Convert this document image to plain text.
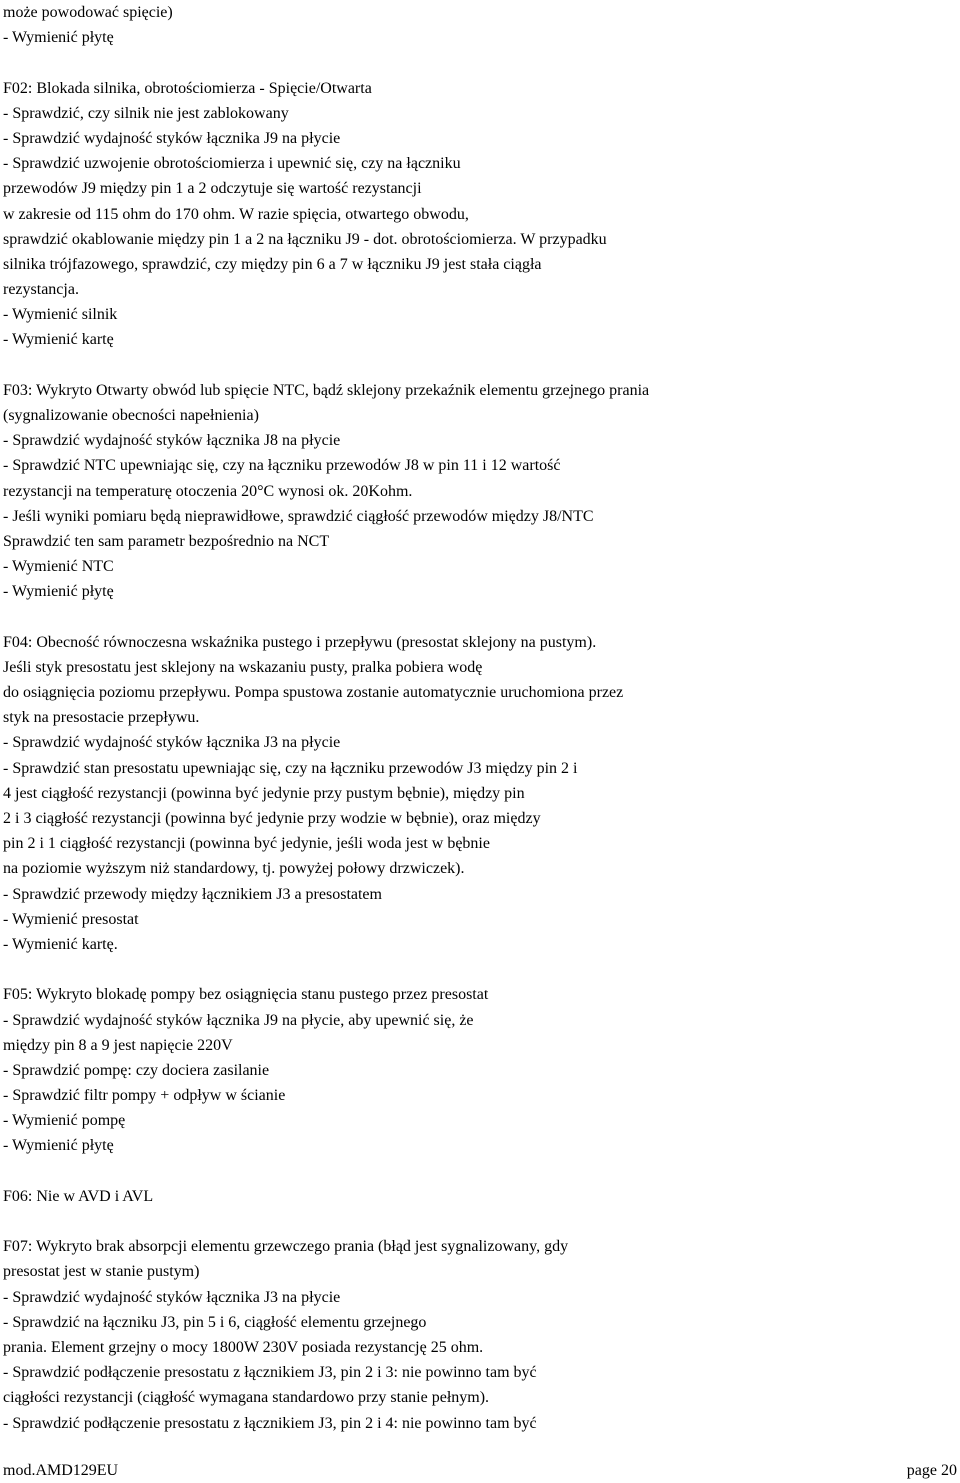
może powodować spięcie)
- Wymienić płytę
F02: Blokada silnika, obrotościomierza - Spięcie/Otwarta
- Sprawdzić, czy silnik nie jest zablokowany
- Sprawdzić wydajność styków łącznika J9 na płycie
- Sprawdzić uzwojenie obrotościomierza i upewnić się, czy na łączniku
przewodów J9 między pin 1 a 2 odczytuje się wartość rezystancji
w zakresie od 115 ohm do 170 ohm. W razie spięcia, otwartego obwodu,
sprawdzić okablowanie między pin 1 a 2 na łączniku J9 - dot. obrotościomierza. W przypadku
silnika trójfazowego, sprawdzić, czy między pin 6 a 7 w łączniku J9 jest stała ciągła
rezystancja.
- Wymienić silnik
- Wymienić kartę
F03: Wykryto Otwarty obwód lub spięcie NTC, bądź sklejony przekaźnik elementu grzejnego prania
(sygnalizowanie obecności napełnienia)
- Sprawdzić wydajność styków łącznika J8 na płycie
- Sprawdzić NTC upewniając się, czy na łączniku przewodów J8 w pin 11 i 12 wartość
rezystancji na temperaturę otoczenia 20°C wynosi ok. 20Kohm.
- Jeśli wyniki pomiaru będą nieprawidłowe, sprawdzić ciągłość przewodów między J8/NTC
Sprawdzić ten sam parametr bezpośrednio na NCT
- Wymienić NTC
- Wymienić płytę
F04: Obecność równoczesna wskaźnika pustego i przepływu (presostat sklejony na pustym).
Jeśli styk presostatu jest sklejony na wskazaniu pusty, pralka pobiera wodę
do osiągnięcia poziomu przepływu. Pompa spustowa zostanie automatycznie uruchomiona przez
styk na presostacie przepływu.
- Sprawdzić wydajność styków łącznika J3 na płycie
- Sprawdzić stan presostatu upewniając się, czy na łączniku przewodów J3 między pin 2 i
4 jest ciągłość rezystancji (powinna być jedynie przy pustym bębnie), między pin
2 i 3 ciągłość rezystancji (powinna być jedynie przy wodzie w bębnie), oraz między
pin 2 i 1 ciągłość rezystancji (powinna być jedynie, jeśli woda jest w bębnie
na poziomie wyższym niż standardowy, tj. powyżej połowy drzwiczek).
- Sprawdzić przewody między łącznikiem J3 a presostatem
- Wymienić presostat
- Wymienić kartę.
F05: Wykryto blokadę pompy bez osiągnięcia stanu pustego przez presostat
- Sprawdzić wydajność styków łącznika J9 na płycie, aby upewnić się, że
między pin 8 a 9 jest napięcie 220V
- Sprawdzić pompę: czy dociera zasilanie
- Sprawdzić filtr pompy + odpływ w ścianie
- Wymienić pompę
- Wymienić płytę
F06: Nie w AVD i AVL
F07: Wykryto brak absorpcji elementu grzewczego prania (błąd jest sygnalizowany, gdy
presostat jest w stanie pustym)
- Sprawdzić wydajność styków łącznika J3 na płycie
- Sprawdzić na łączniku J3, pin 5 i 6, ciągłość elementu grzejnego
prania. Element grzejny o mocy 1800W 230V posiada rezystancję 25 ohm.
- Sprawdzić podłączenie presostatu z łącznikiem J3, pin 2 i 3: nie powinno tam być
ciągłości rezystancji (ciągłość wymagana standardowo przy stanie pełnym).
- Sprawdzić podłączenie presostatu z łącznikiem J3, pin 2 i 4: nie powinno tam być
mod.AMD129EU	page 20
